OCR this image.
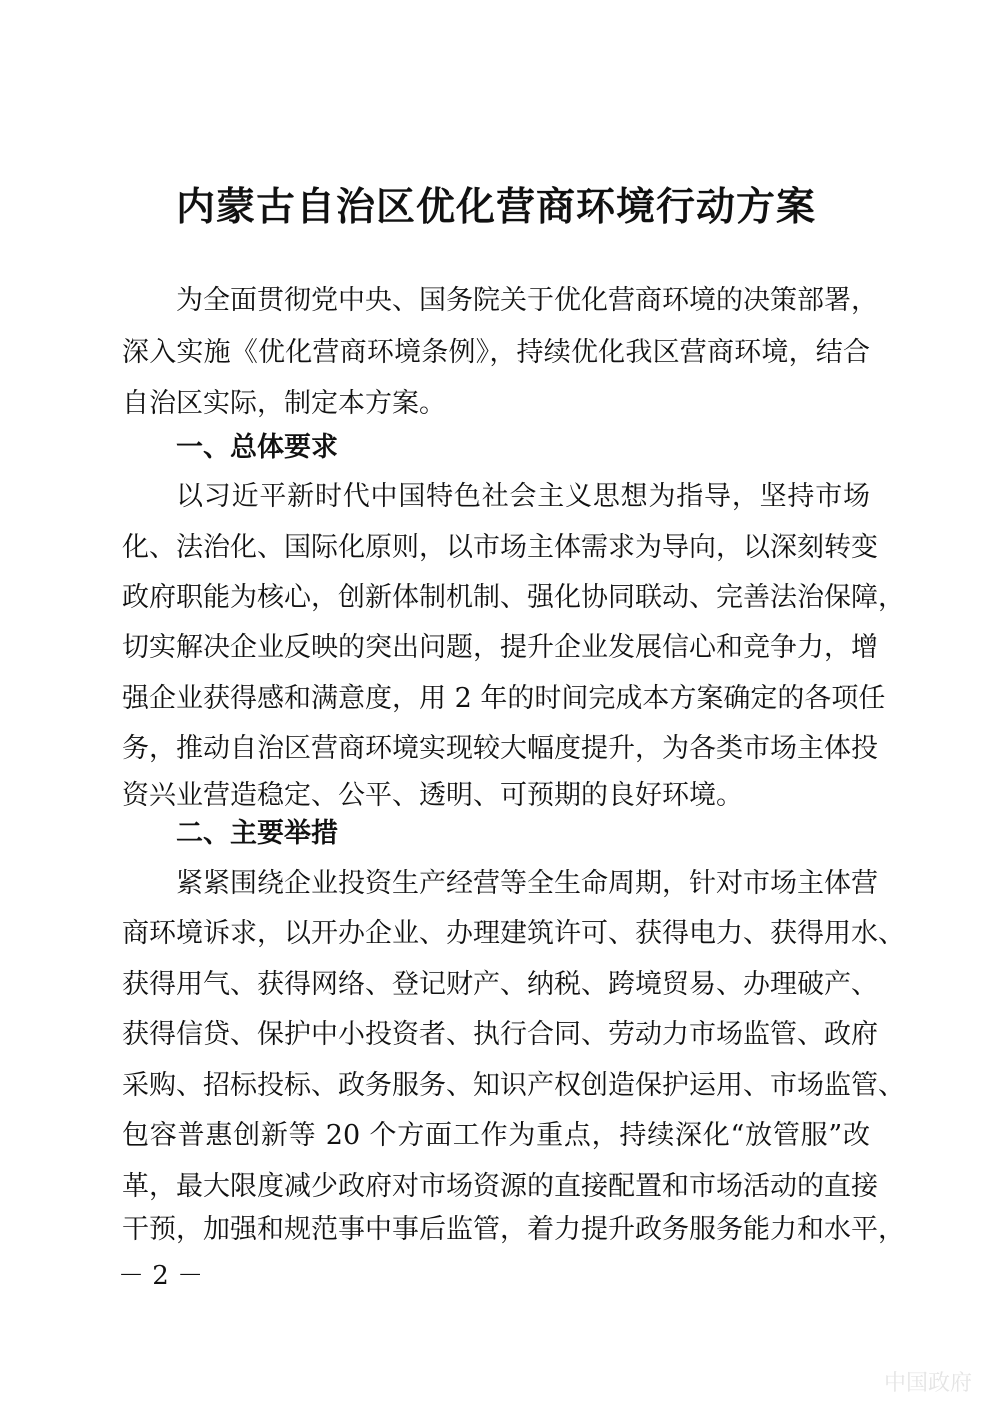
内蒙古自治区优化营商环境行动方案
为全面贯彻党中央、国务院关于优化营商环境的决策部署，
深入实施《优化营商环境条例》，持续优化我区营商环境，结合
自治区实际，制定本方案。
一、总体要求
以习近平新时代中国特色社会主义思想为指导，坚持市场
化、法治化、国际化原则，以市场主体需求为导向，以深刻转变
政府职能为核心，创新体制机制、强化协同联动、完善法治保障，
切实解决企业反映的突出问题，提升企业发展信心和竞争力，增
强企业获得感和满意度，用 2 年的时间完成本方案确定的各项任
务，推动自治区营商环境实现较大幅度提升，为各类市场主体投
资兴业营造稳定、公平、透明、可预期的良好环境。
二、主要举措
紧紧围绕企业投资生产经营等全生命周期，针对市场主体营
商环境诉求，以开办企业、办理建筑许可、获得电力、获得用水、
获得用气、获得网络、登记财产、纳税、跨境贸易、办理破产、
获得信贷、保护中小投资者、执行合同、劳动力市场监管、政府
采购、招标投标、政务服务、知识产权创造保护运用、市场监管、
包容普惠创新等 20 个方面工作为重点，持续深化“放管服”改
革，最大限度减少政府对市场资源的直接配置和市场活动的直接
干预，加强和规范事中事后监管，着力提升政务服务能力和水平，
－ 2 －
中国政府
